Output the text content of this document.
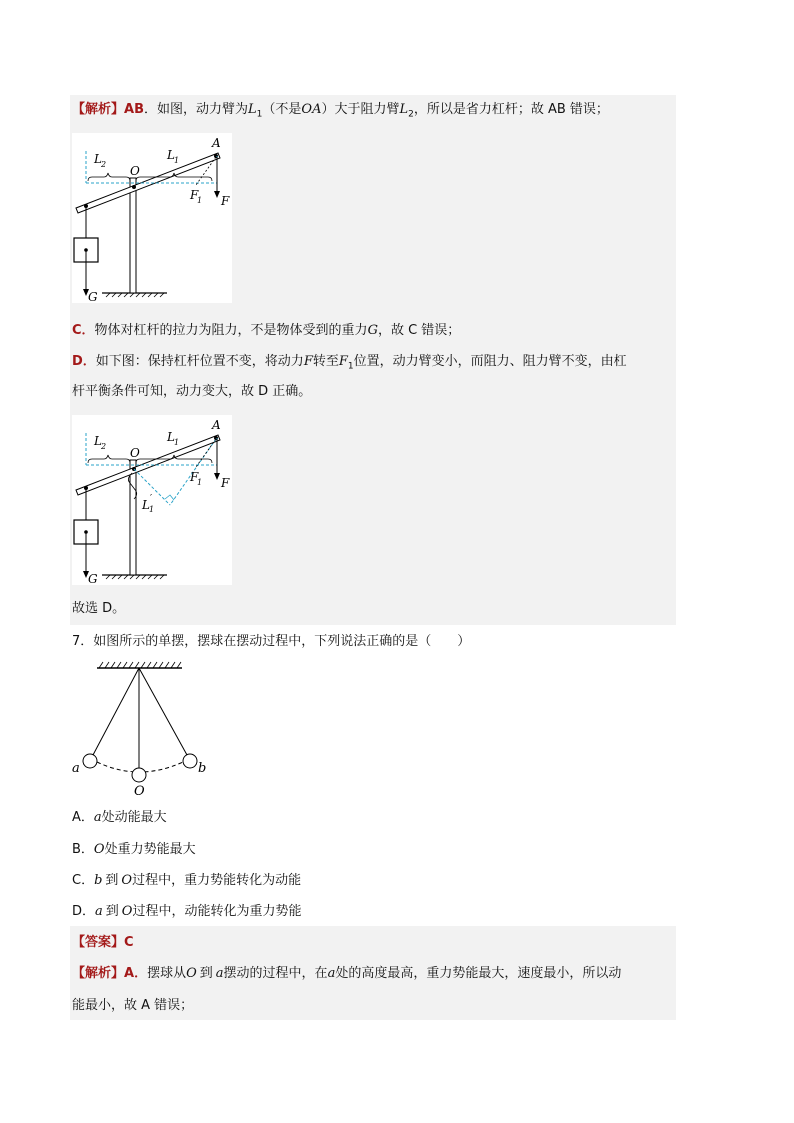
【解析】AB．如图，动力臂为$L_1$（不是OA）大于阻力臂$L_2$，所以是省力杠杆；故 AB 错误；
L 2 O
L 1
A
F
1 F
G
C．物体对杠杆的拉力为阻力，不是物体受到的重力G，故 C 错误；
D．如下图：保持杠杆位置不变，将动力F转至$F_1$位置，动力臂变小，而阻力、阻力臂不变，由杠
杆平衡条件可知，动力变大，故 D 正确。
L 2 O
L 1
A
F
1 F
L 1
′
G
故选 D。
7．如图所示的单摆，摆球在摆动过程中，下列说法正确的是（　　）
a
O
b
A．a处动能最大
B．O处重力势能最大
C．b 到 O过程中，重力势能转化为动能
D．a 到 O过程中，动能转化为重力势能
【答案】C
【解析】A．摆球从O 到 a摆动的过程中，在a处的高度最高，重力势能最大，速度最小，所以动
能最小，故 A 错误；
